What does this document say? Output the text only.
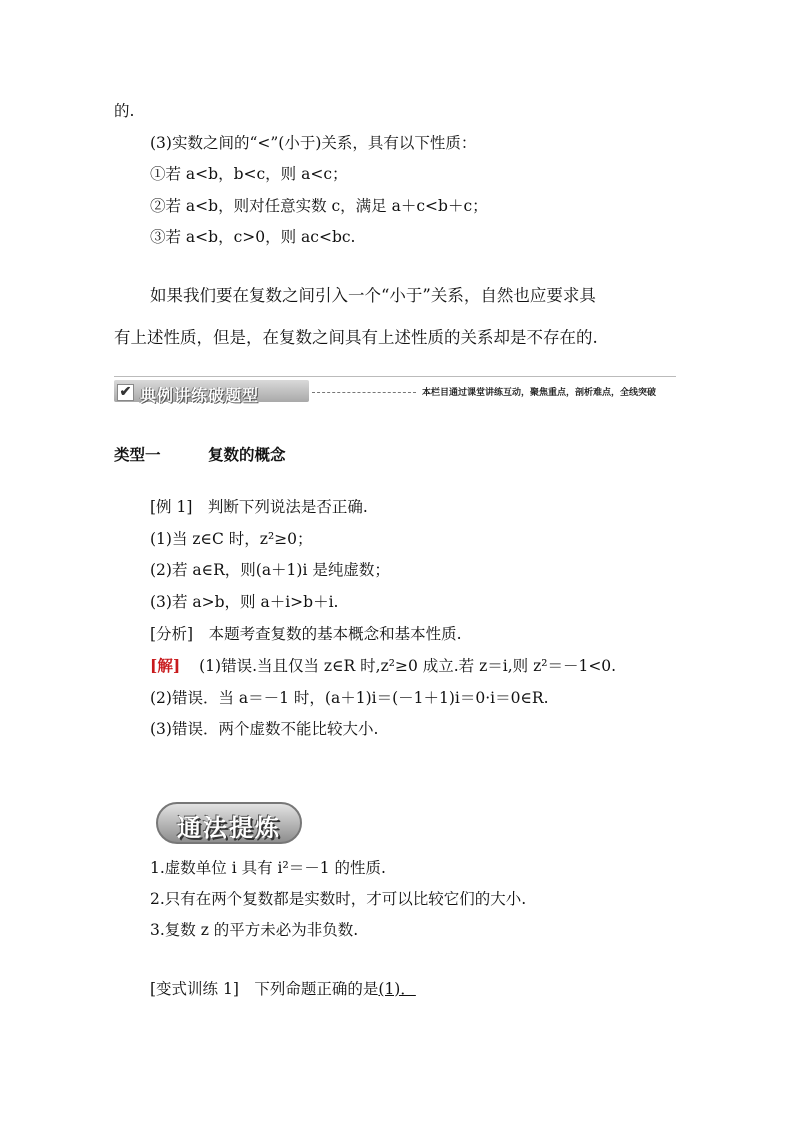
的.
(3)实数之间的“<”(小于)关系，具有以下性质：
①若 a<b，b<c，则 a<c；
②若 a<b，则对任意实数 c，满足 a＋c<b＋c；
③若 a<b，c>0，则 ac<bc.
如果我们要在复数之间引入一个“小于”关系，自然也应要求具
有上述性质，但是，在复数之间具有上述性质的关系却是不存在的.
✔ 典例讲练破题型	本栏目通过课堂讲练互动，聚焦重点，剖析难点，全线突破
类型一	复数的概念
[例 1]　判断下列说法是否正确.
(1)当 z∈C 时，z²≥0；
(2)若 a∈R，则(a＋1)i 是纯虚数；
(3)若 a>b，则 a＋i>b＋i.
[分析]　本题考查复数的基本概念和基本性质.
[解] (1)错误.当且仅当 z∈R 时,z²≥0 成立.若 z＝i,则 z²＝－1<0.
(2)错误．当 a＝－1 时，(a＋1)i＝(－1＋1)i＝0·i＝0∈R.
(3)错误．两个虚数不能比较大小.
通法提炼
1.虚数单位 i 具有 i²＝－1 的性质.
2.只有在两个复数都是实数时，才可以比较它们的大小.
3.复数 z 的平方未必为非负数.
[变式训练 1]　下列命题正确的是(1)．
